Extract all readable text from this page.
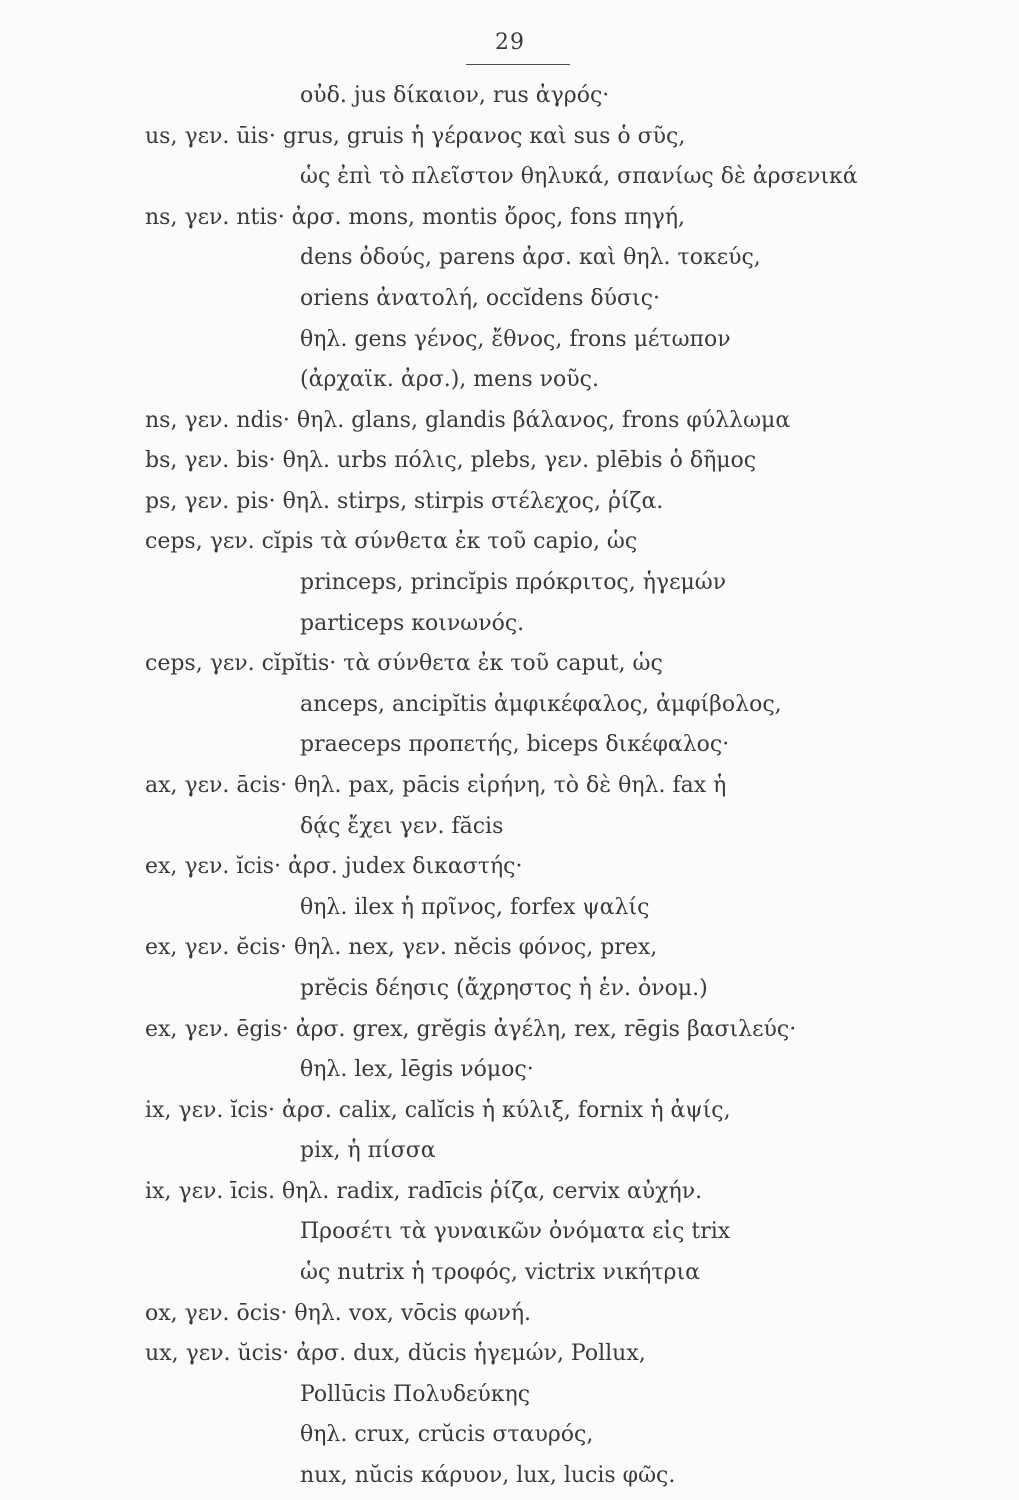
29
οὐδ. jus δίκαιον, rus ἀγρός·
us, γεν. ūis· grus, gruis ἡ γέρανος καὶ sus ὁ σῦς,
ὡς ἐπὶ τὸ πλεῖστον θηλυκά, σπανίως δὲ ἀρσενικά
ns, γεν. ntis· ἀρσ. mons, montis ὄρος, fons πηγή,
dens ὀδούς, parens ἀρσ. καὶ θηλ. τοκεύς,
oriens ἀνατολή, occĭdens δύσις·
θηλ. gens γένος, ἔθνος, frons μέτωπον
(ἀρχαϊκ. ἀρσ.), mens νοῦς.
ns, γεν. ndis· θηλ. glans, glandis βάλανος, frons φύλλωμα
bs, γεν. bis· θηλ. urbs πόλις, plebs, γεν. plēbis ὁ δῆμος
ps, γεν. pis· θηλ. stirps, stirpis στέλεχος, ῥίζα.
ceps, γεν. cĭpis τὰ σύνθετα ἐκ τοῦ capio, ὡς
princeps, princĭpis πρόκριτος, ἡγεμών
particeps κοινωνός.
ceps, γεν. cĭpĭtis· τὰ σύνθετα ἐκ τοῦ caput, ὡς
anceps, ancipĭtis ἀμφικέφαλος, ἀμφίβολος,
praeceps προπετής, biceps δικέφαλος·
ax, γεν. ācis· θηλ. pax, pācis εἰρήνη, τὸ δὲ θηλ. fax ἡ
δᾴς ἔχει γεν. făcis
ex, γεν. ĭcis· ἀρσ. judex δικαστής·
θηλ. ilex ἡ πρῖνος, forfex ψαλίς
ex, γεν. ĕcis· θηλ. nex, γεν. nĕcis φόνος, prex,
prĕcis δέησις (ἄχρηστος ἡ ἑν. ὀνομ.)
ex, γεν. ēgis· ἀρσ. grex, grĕgis ἀγέλη, rex, rēgis βασιλεύς·
θηλ. lex, lēgis νόμος·
ix, γεν. ĭcis· ἀρσ. calix, calĭcis ἡ κύλιξ, fornix ἡ ἀψίς,
pix, ἡ πίσσα
ix, γεν. īcis. θηλ. radix, radīcis ῥίζα, cervix αὐχήν.
Προσέτι τὰ γυναικῶν ὀνόματα εἰς trix
ὡς nutrix ἡ τροφός, victrix νικήτρια
ox, γεν. ōcis· θηλ. vox, vōcis φωνή.
ux, γεν. ŭcis· ἀρσ. dux, dŭcis ἡγεμών, Pollux,
Pollūcis Πολυδεύκης
θηλ. crux, crŭcis σταυρός,
nux, nŭcis κάρυον, lux, lucis φῶς.
